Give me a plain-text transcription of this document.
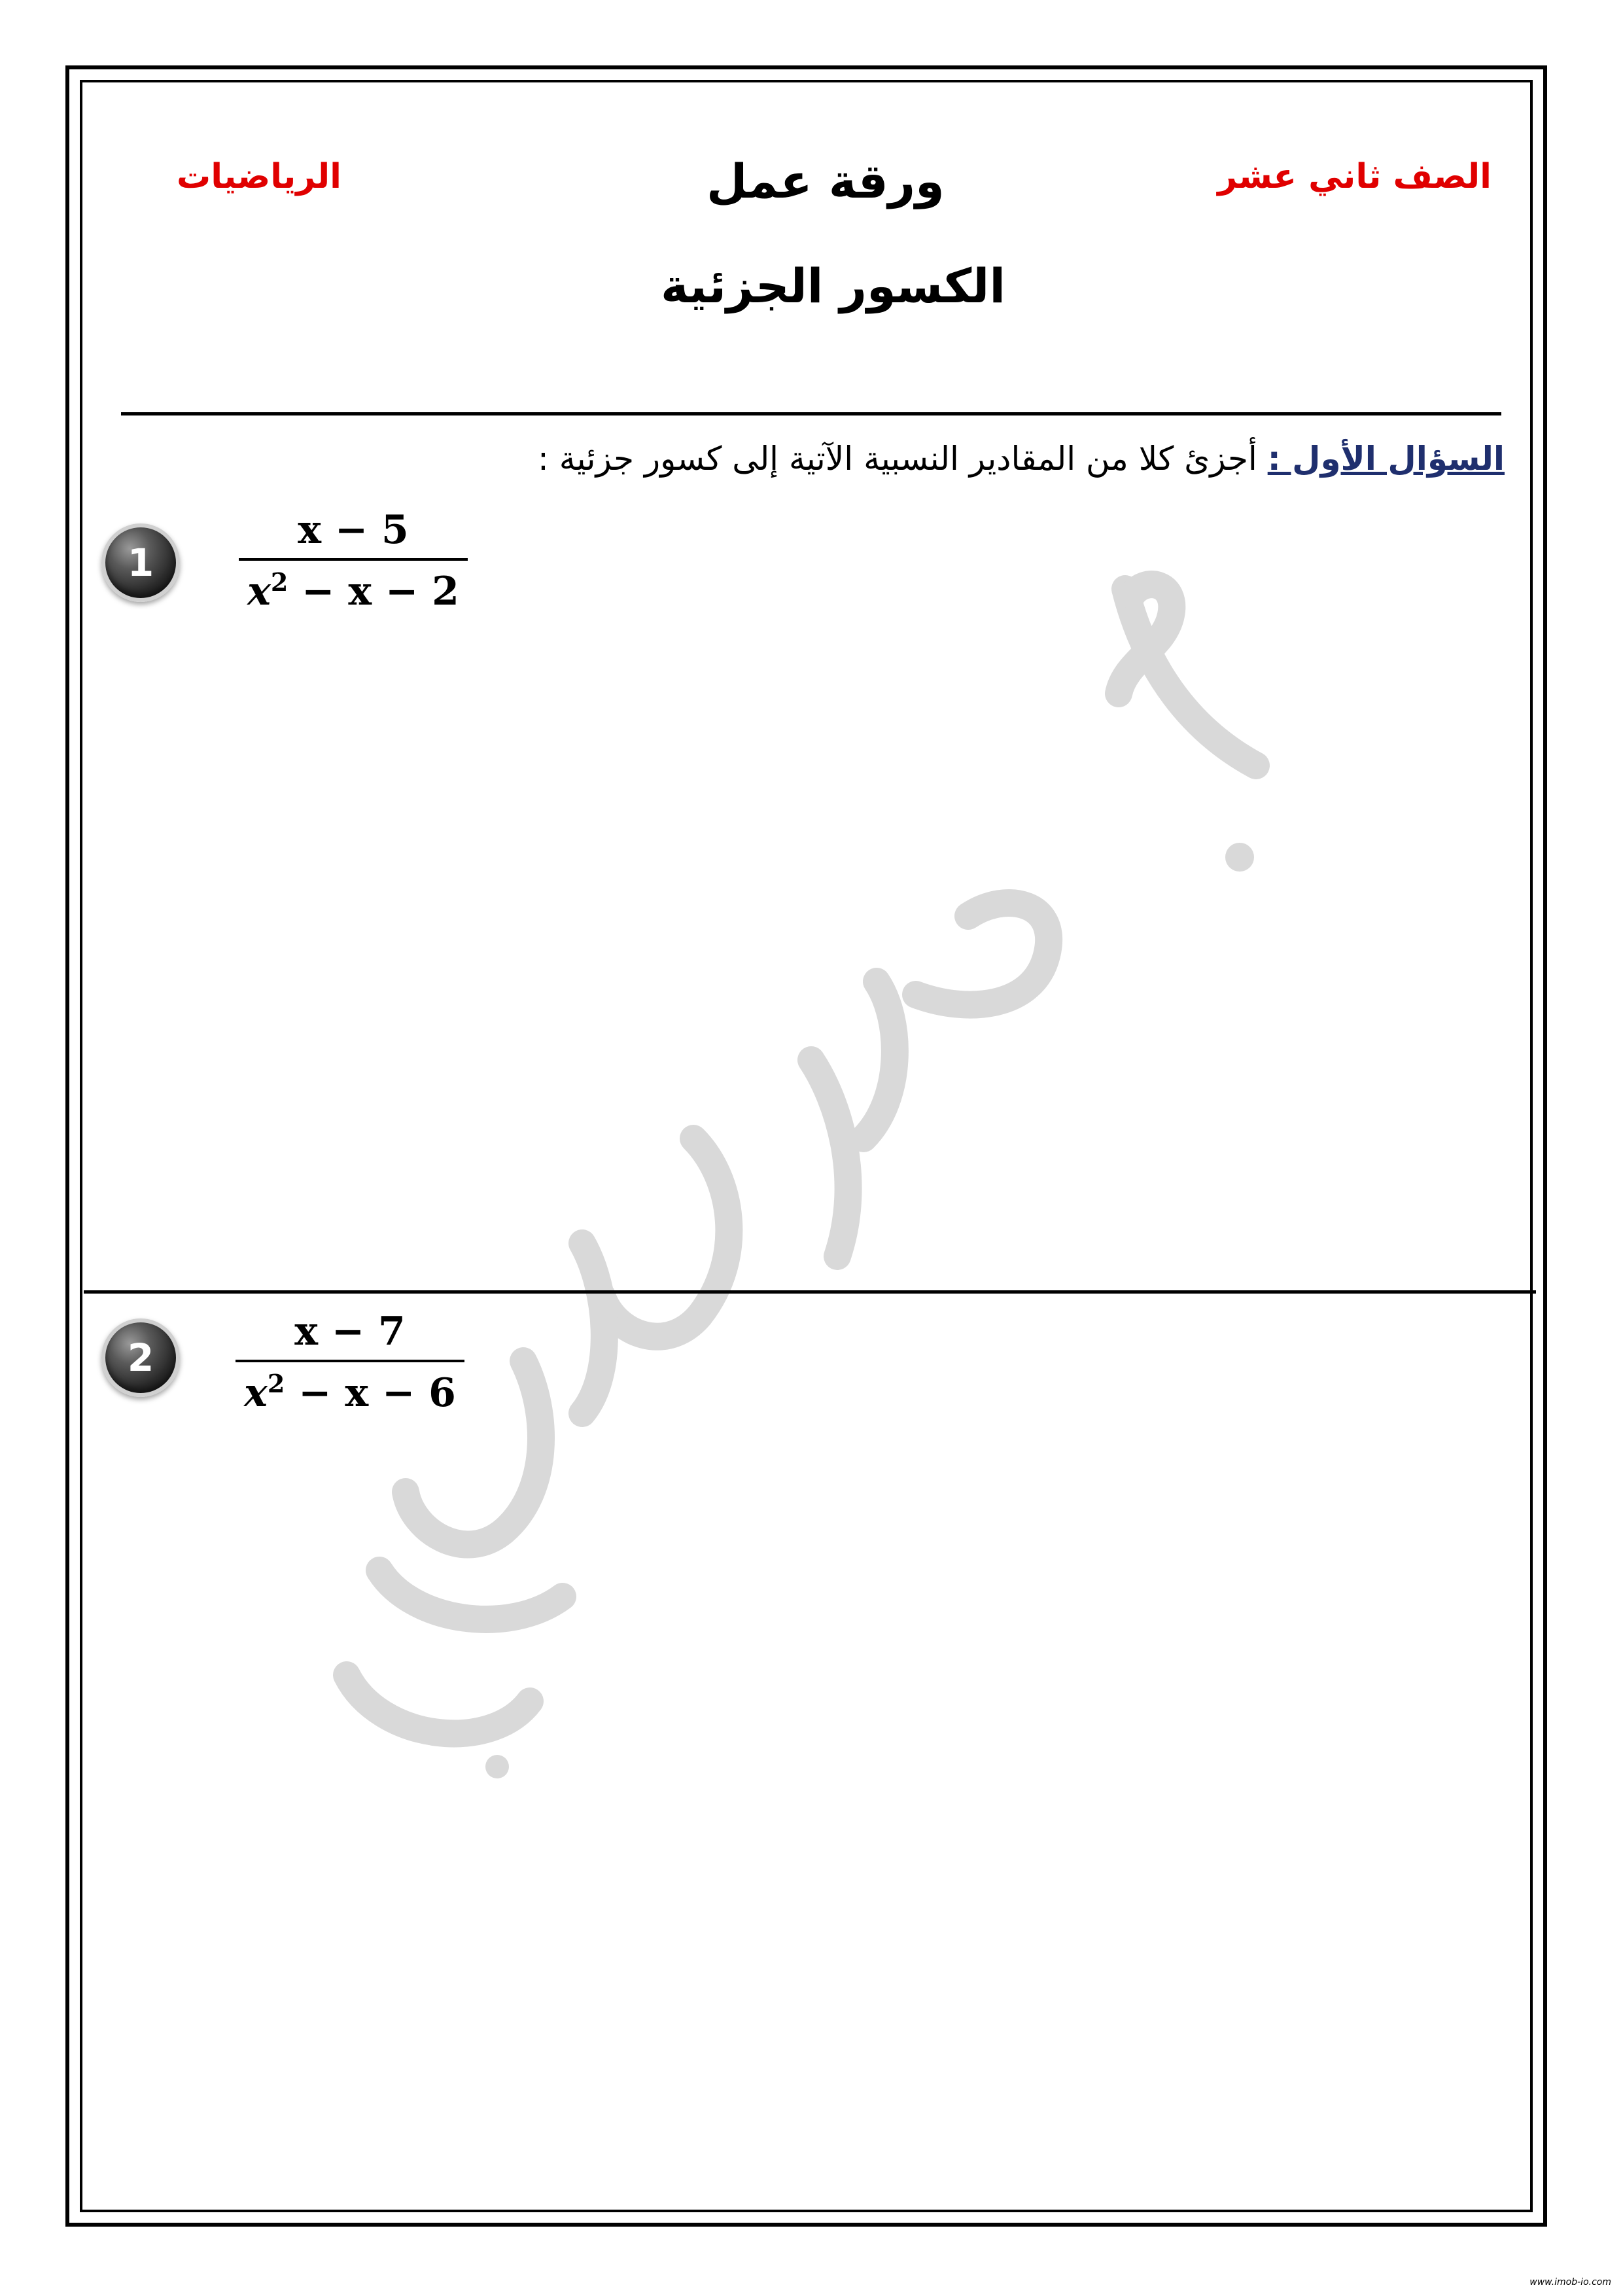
الصف ثاني عشر
ورقة عمل
الرياضيات
الكسور الجزئية
السؤال الأول : أجزئ كلا من المقادير النسبية الآتية إلى كسور جزئية :
1
x − 5
$x^2 - x - 2$
2
x − 7
$x^2 - x - 6$
www.imob-io.com
